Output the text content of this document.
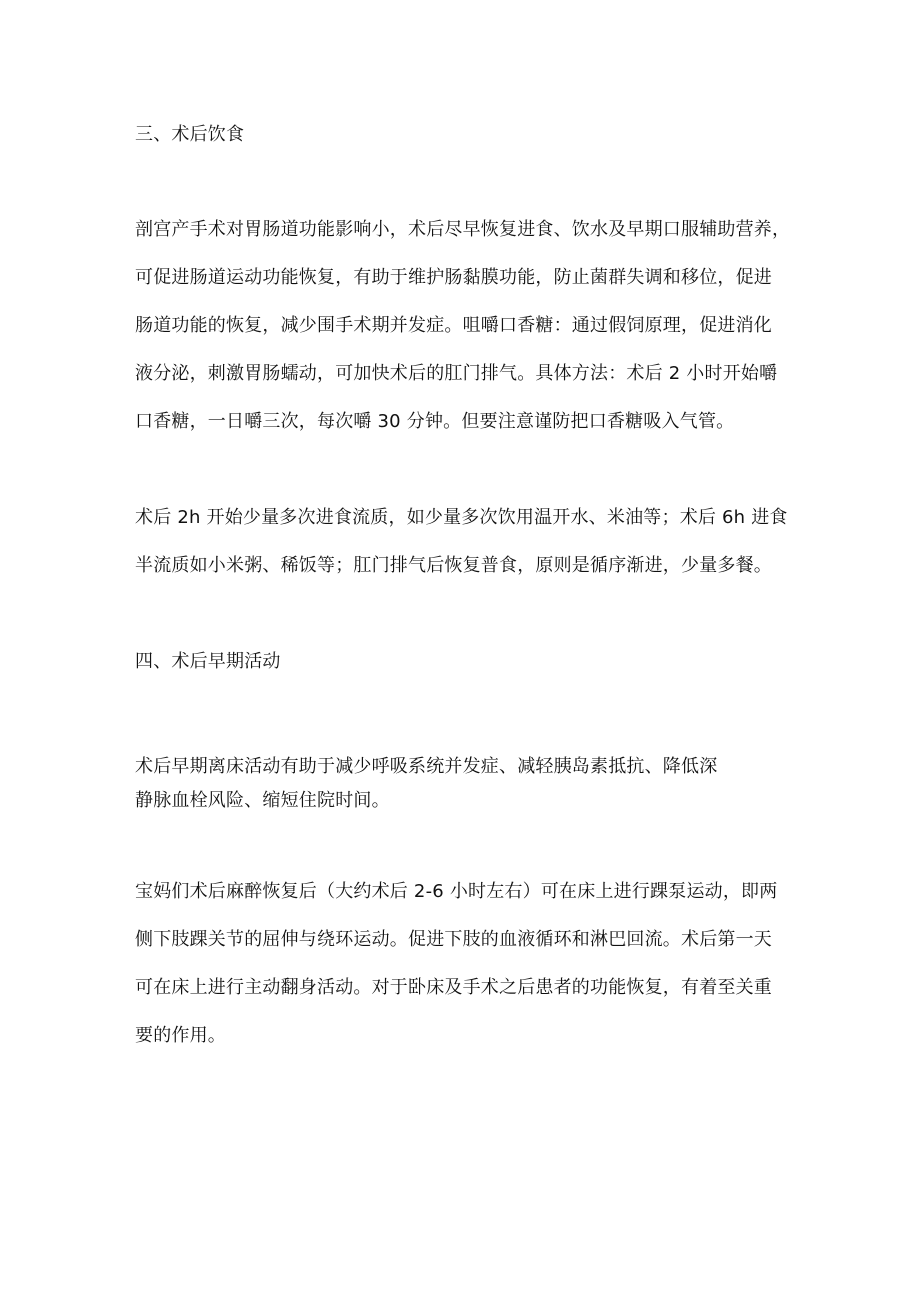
三、术后饮食
剖宫产手术对胃肠道功能影响小，术后尽早恢复进食、饮水及早期口服辅助营养，
可促进肠道运动功能恢复，有助于维护肠黏膜功能，防止菌群失调和移位，促进
肠道功能的恢复，减少围手术期并发症。咀嚼口香糖：通过假饲原理，促进消化
液分泌，刺激胃肠蠕动，可加快术后的肛门排气。具体方法：术后 2 小时开始嚼
口香糖，一日嚼三次，每次嚼 30 分钟。但要注意谨防把口香糖吸入气管。
术后 2h 开始少量多次进食流质，如少量多次饮用温开水、米油等；术后 6h 进食
半流质如小米粥、稀饭等；肛门排气后恢复普食，原则是循序渐进，少量多餐。
四、术后早期活动
术后早期离床活动有助于减少呼吸系统并发症、减轻胰岛素抵抗、降低深
静脉血栓风险、缩短住院时间。
宝妈们术后麻醉恢复后（大约术后 2-6 小时左右）可在床上进行踝泵运动，即两
侧下肢踝关节的屈伸与绕环运动。促进下肢的血液循环和淋巴回流。术后第一天
可在床上进行主动翻身活动。对于卧床及手术之后患者的功能恢复，有着至关重
要的作用。
